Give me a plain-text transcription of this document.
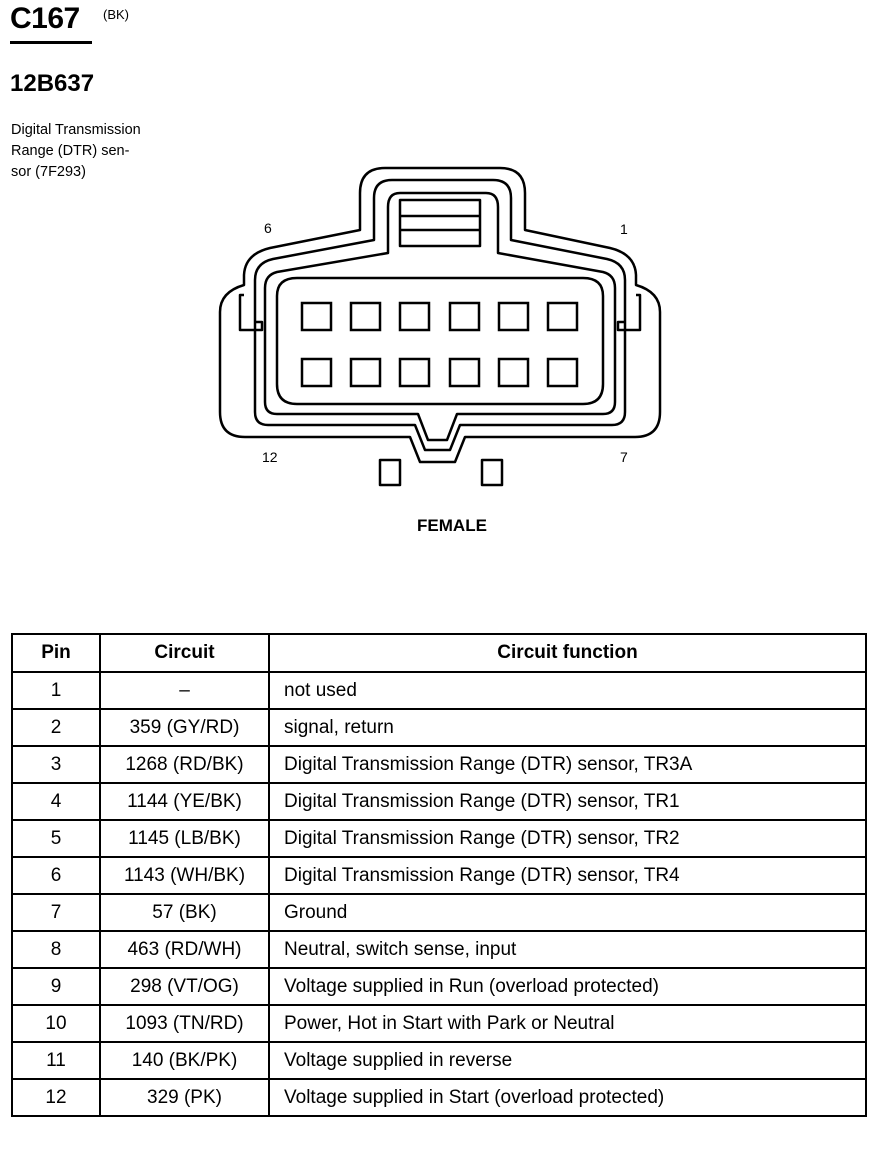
C167 (BK)
12B637
Digital Transmission
Range (DTR) sen-
sor (7F293)
6	1
12	7
FEMALE
Pin	Circuit	Circuit function
1	–	not used
2	359 (GY/RD)	signal, return
3	1268 (RD/BK)	Digital Transmission Range (DTR) sensor, TR3A
4	1144 (YE/BK)	Digital Transmission Range (DTR) sensor, TR1
5	1145 (LB/BK)	Digital Transmission Range (DTR) sensor, TR2
6	1143 (WH/BK)	Digital Transmission Range (DTR) sensor, TR4
7	57 (BK)	Ground
8	463 (RD/WH)	Neutral, switch sense, input
9	298 (VT/OG)	Voltage supplied in Run (overload protected)
10	1093 (TN/RD)	Power, Hot in Start with Park or Neutral
11	140 (BK/PK)	Voltage supplied in reverse
12	329 (PK)	Voltage supplied in Start (overload protected)
